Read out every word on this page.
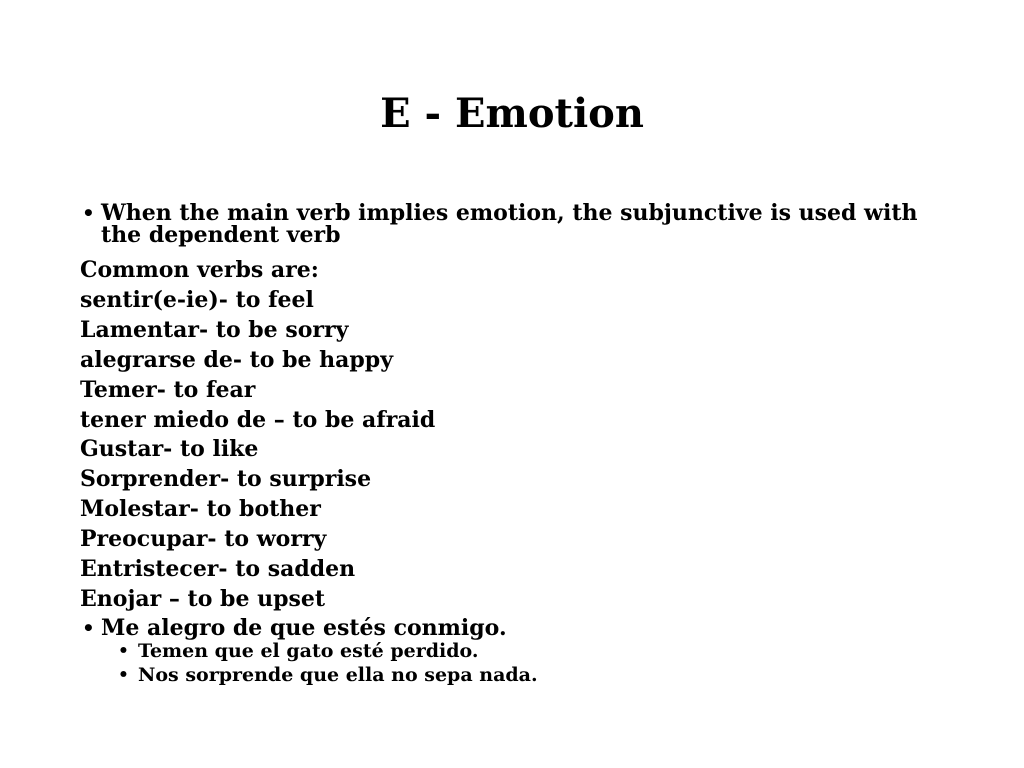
E - Emotion
• When the main verb implies emotion, the subjunctive is used with the dependent verb
Common verbs are:
sentir(e-ie)- to feel
Lamentar- to be sorry
alegrarse de- to be happy
Temer- to fear
tener miedo de – to be afraid
Gustar- to like
Sorprender- to surprise
Molestar- to bother
Preocupar- to worry
Entristecer- to sadden
Enojar – to be upset
• Me alegro de que estés conmigo.
• Temen que el gato esté perdido.
• Nos sorprende que ella no sepa nada.
